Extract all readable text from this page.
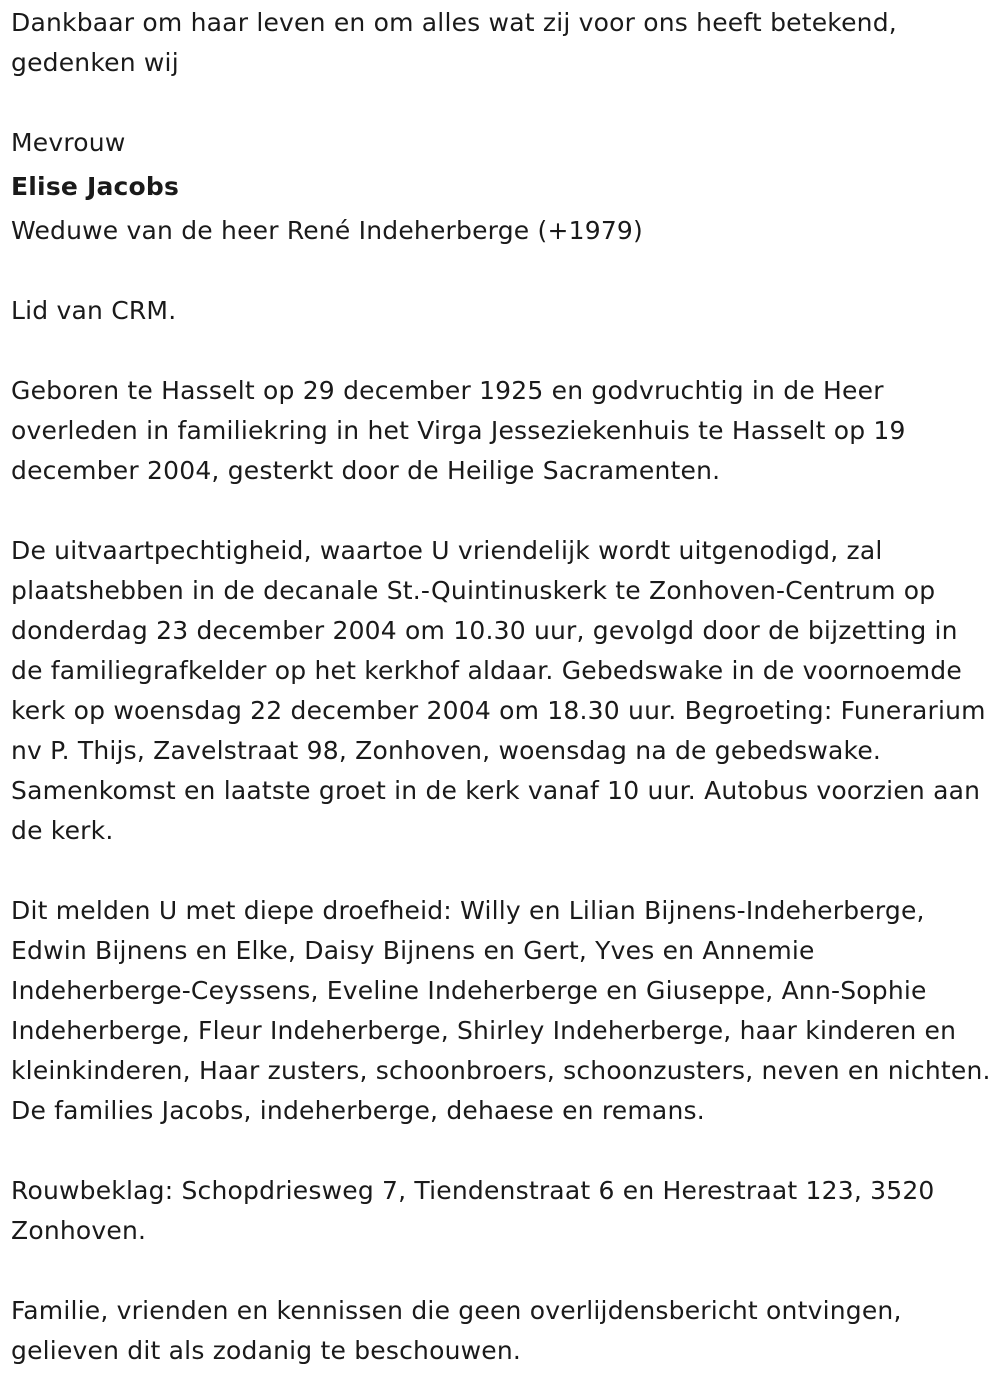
Dankbaar om haar leven en om alles wat zij voor ons heeft betekend, gedenken wij

Mevrouw

Elise Jacobs

Weduwe van de heer René Indeherberge (+1979)

Lid van CRM.

Geboren te Hasselt op 29 december 1925 en godvruchtig in de Heer overleden in familiekring in het Virga Jesseziekenhuis te Hasselt op 19 december 2004, gesterkt door de Heilige Sacramenten.

De uitvaartpechtigheid, waartoe U vriendelijk wordt uitgenodigd, zal plaatshebben in de decanale St.-Quintinuskerk te Zonhoven-Centrum op donderdag 23 december 2004 om 10.30 uur, gevolgd door de bijzetting in de familiegrafkelder op het kerkhof aldaar. Gebedswake in de voornoemde kerk op woensdag 22 december 2004 om 18.30 uur. Begroeting: Funerarium nv P. Thijs, Zavelstraat 98, Zonhoven, woensdag na de gebedswake. Samenkomst en laatste groet in de kerk vanaf 10 uur. Autobus voorzien aan de kerk.

Dit melden U met diepe droefheid: Willy en Lilian Bijnens-Indeherberge, Edwin Bijnens en Elke, Daisy Bijnens en Gert, Yves en Annemie Indeherberge-Ceyssens, Eveline Indeherberge en Giuseppe, Ann-Sophie Indeherberge, Fleur Indeherberge, Shirley Indeherberge, haar kinderen en kleinkinderen, Haar zusters, schoonbroers, schoonzusters, neven en nichten. De families Jacobs, indeherberge, dehaese en remans.

Rouwbeklag: Schopdriesweg 7, Tiendenstraat 6 en Herestraat 123, 3520 Zonhoven.

Familie, vrienden en kennissen die geen overlijdensbericht ontvingen, gelieven dit als zodanig te beschouwen.
